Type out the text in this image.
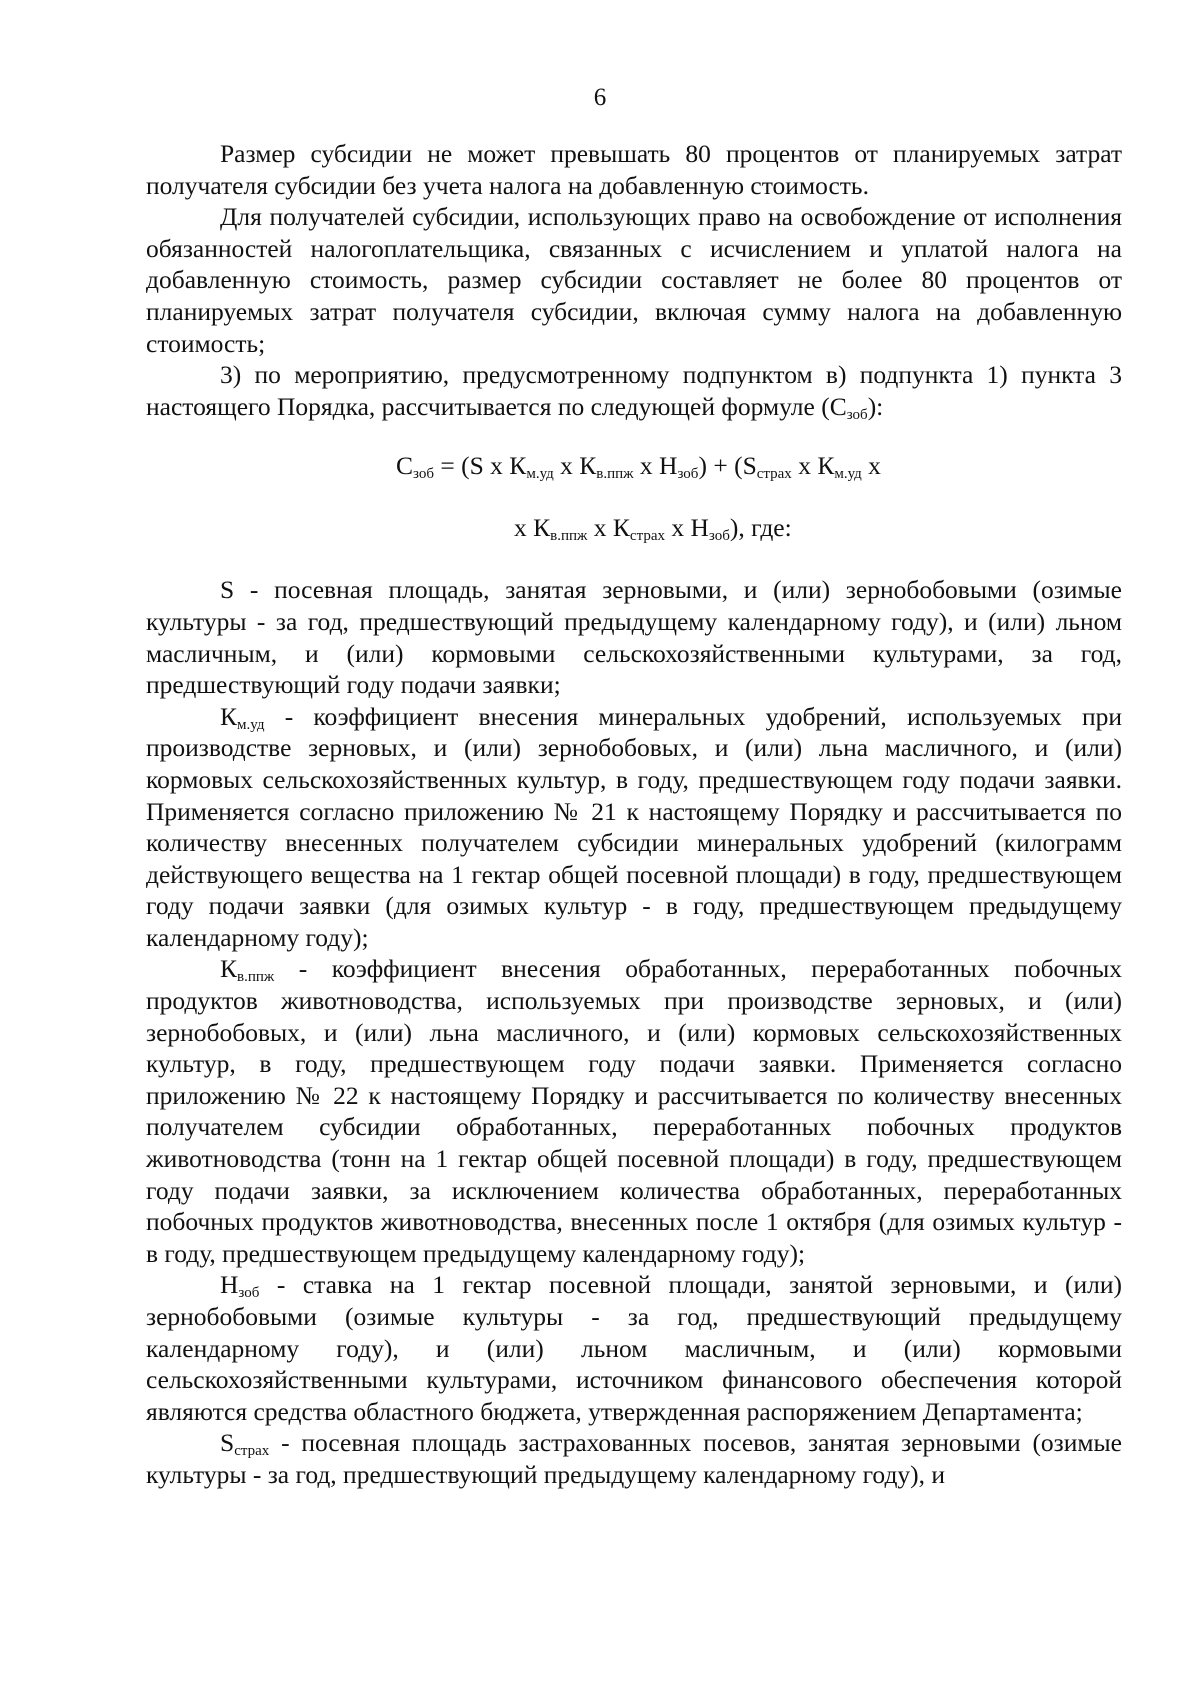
6

Размер субсидии не может превышать 80 процентов от планируемых затрат получателя субсидии без учета налога на добавленную стоимость.

Для получателей субсидии, использующих право на освобождение от исполнения обязанностей налогоплательщика, связанных с исчислением и уплатой налога на добавленную стоимость, размер субсидии составляет не более 80 процентов от планируемых затрат получателя субсидии, включая сумму налога на добавленную стоимость;

3) по мероприятию, предусмотренному подпунктом в) подпункта 1) пункта 3 настоящего Порядка, рассчитывается по следующей формуле $(С_{зоб})$:

$С_{зоб} = (S$ x $К_{м.уд}$ x $К_{в.ппж}$ x $Н_{зоб}) + (S_{страх}$ x $К_{м.уд}$ x
x $К_{в.ппж}$ x $К_{страх}$ x $Н_{зоб}$), где:

S - посевная площадь, занятая зерновыми, и (или) зернобобовыми (озимые культуры - за год, предшествующий предыдущему календарному году), и (или) льном масличным, и (или) кормовыми сельскохозяйственными культурами, за год, предшествующий году подачи заявки;

$К_{м.уд}$ - коэффициент внесения минеральных удобрений, используемых при производстве зерновых, и (или) зернобобовых, и (или) льна масличного, и (или) кормовых сельскохозяйственных культур, в году, предшествующем году подачи заявки. Применяется согласно приложению № 21 к настоящему Порядку и рассчитывается по количеству внесенных получателем субсидии минеральных удобрений (килограмм действующего вещества на 1 гектар общей посевной площади) в году, предшествующем году подачи заявки (для озимых культур - в году, предшествующем предыдущему календарному году);

$К_{в.ппж}$ - коэффициент внесения обработанных, переработанных побочных продуктов животноводства, используемых при производстве зерновых, и (или) зернобобовых, и (или) льна масличного, и (или) кормовых сельскохозяйственных культур, в году, предшествующем году подачи заявки. Применяется согласно приложению № 22 к настоящему Порядку и рассчитывается по количеству внесенных получателем субсидии обработанных, переработанных побочных продуктов животноводства (тонн на 1 гектар общей посевной площади) в году, предшествующем году подачи заявки, за исключением количества обработанных, переработанных побочных продуктов животноводства, внесенных после 1 октября (для озимых культур - в году, предшествующем предыдущему календарному году);

$Н_{зоб}$ - ставка на 1 гектар посевной площади, занятой зерновыми, и (или) зернобобовыми (озимые культуры - за год, предшествующий предыдущему календарному году), и (или) льном масличным, и (или) кормовыми сельскохозяйственными культурами, источником финансового обеспечения которой являются средства областного бюджета, утвержденная распоряжением Департамента;

$S_{страх}$ - посевная площадь застрахованных посевов, занятая зерновыми (озимые культуры - за год, предшествующий предыдущему календарному году), и
